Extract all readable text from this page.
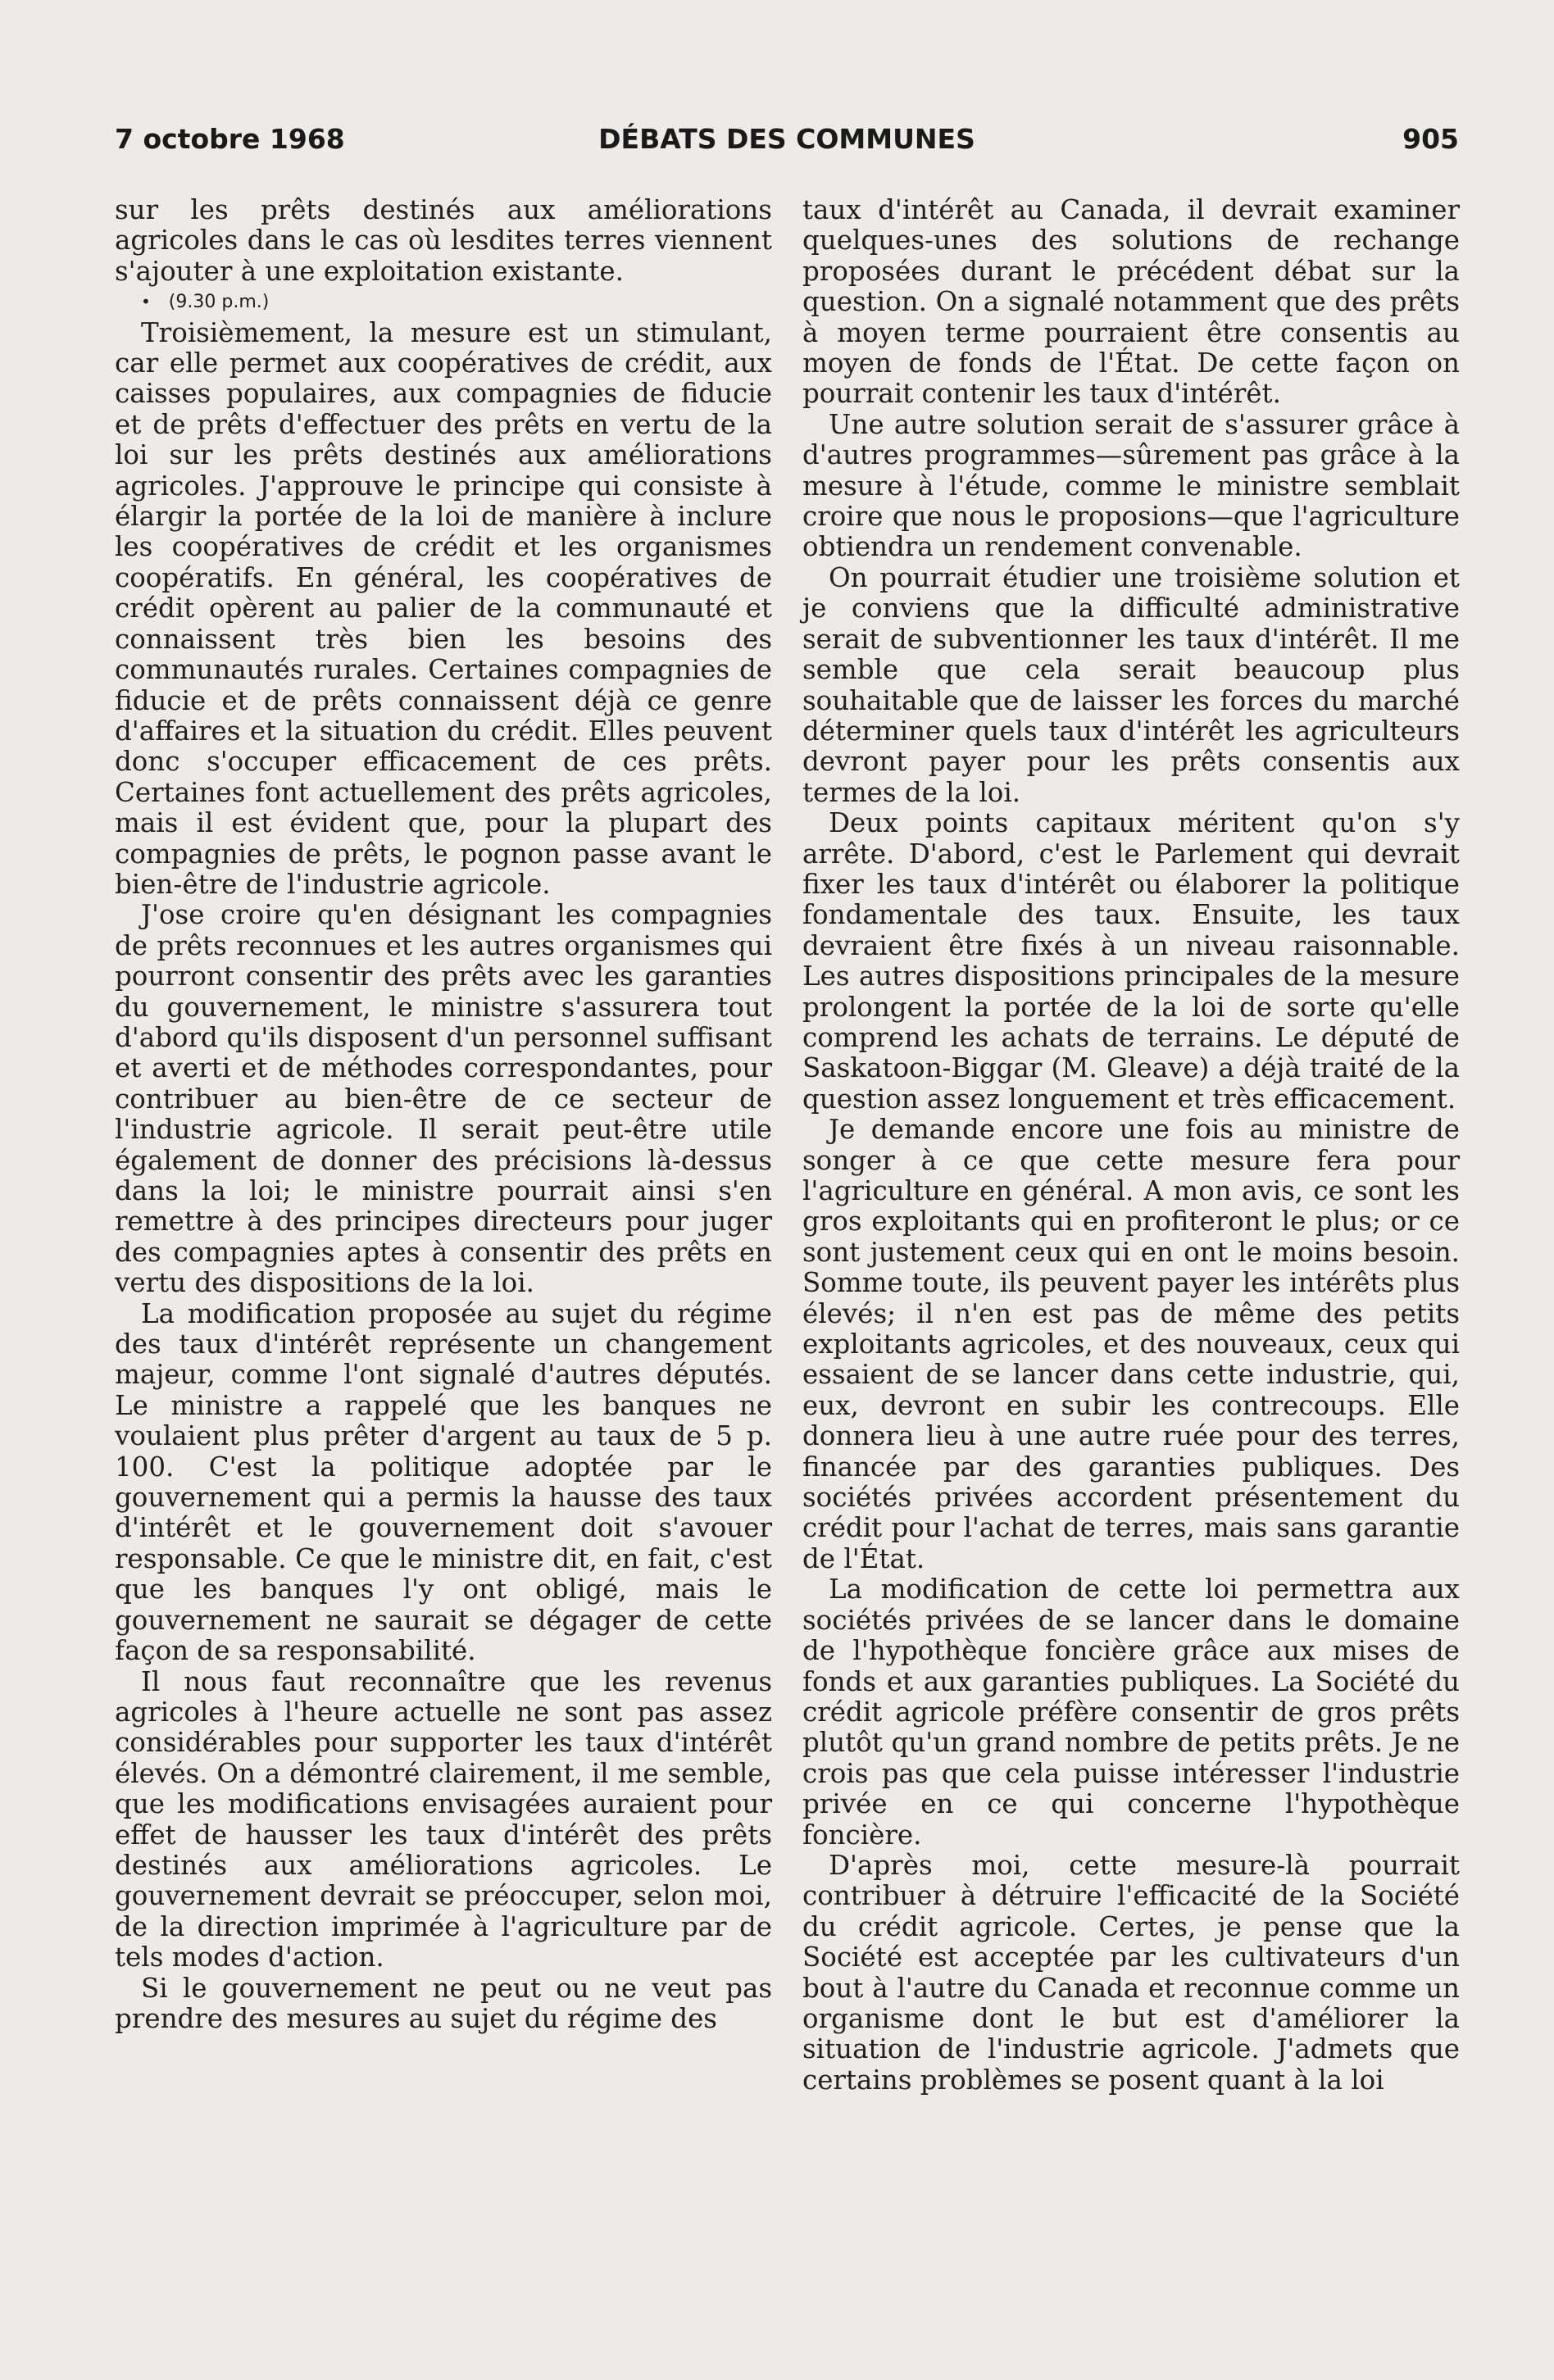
7 octobre 1968	DÉBATS DES COMMUNES	905

sur les prêts destinés aux améliorations agricoles dans le cas où lesdites terres viennent s'ajouter à une exploitation existante.

• (9.30 p.m.)

Troisièmement, la mesure est un stimulant, car elle permet aux coopératives de crédit, aux caisses populaires, aux compagnies de fiducie et de prêts d'effectuer des prêts en vertu de la loi sur les prêts destinés aux améliorations agricoles. J'approuve le principe qui consiste à élargir la portée de la loi de manière à inclure les coopératives de crédit et les organismes coopératifs. En général, les coopératives de crédit opèrent au palier de la communauté et connaissent très bien les besoins des communautés rurales. Certaines compagnies de fiducie et de prêts connaissent déjà ce genre d'affaires et la situation du crédit. Elles peuvent donc s'occuper efficacement de ces prêts. Certaines font actuellement des prêts agricoles, mais il est évident que, pour la plupart des compagnies de prêts, le pognon passe avant le bien-être de l'industrie agricole.

J'ose croire qu'en désignant les compagnies de prêts reconnues et les autres organismes qui pourront consentir des prêts avec les garanties du gouvernement, le ministre s'assurera tout d'abord qu'ils disposent d'un personnel suffisant et averti et de méthodes correspondantes, pour contribuer au bien-être de ce secteur de l'industrie agricole. Il serait peut-être utile également de donner des précisions là-dessus dans la loi; le ministre pourrait ainsi s'en remettre à des principes directeurs pour juger des compagnies aptes à consentir des prêts en vertu des dispositions de la loi.

La modification proposée au sujet du régime des taux d'intérêt représente un changement majeur, comme l'ont signalé d'autres députés. Le ministre a rappelé que les banques ne voulaient plus prêter d'argent au taux de 5 p. 100. C'est la politique adoptée par le gouvernement qui a permis la hausse des taux d'intérêt et le gouvernement doit s'avouer responsable. Ce que le ministre dit, en fait, c'est que les banques l'y ont obligé, mais le gouvernement ne saurait se dégager de cette façon de sa responsabilité.

Il nous faut reconnaître que les revenus agricoles à l'heure actuelle ne sont pas assez considérables pour supporter les taux d'intérêt élevés. On a démontré clairement, il me semble, que les modifications envisagées auraient pour effet de hausser les taux d'intérêt des prêts destinés aux améliorations agricoles. Le gouvernement devrait se préoccuper, selon moi, de la direction imprimée à l'agriculture par de tels modes d'action.

Si le gouvernement ne peut ou ne veut pas prendre des mesures au sujet du régime des

taux d'intérêt au Canada, il devrait examiner quelques-unes des solutions de rechange proposées durant le précédent débat sur la question. On a signalé notamment que des prêts à moyen terme pourraient être consentis au moyen de fonds de l'État. De cette façon on pourrait contenir les taux d'intérêt.

Une autre solution serait de s'assurer grâce à d'autres programmes—sûrement pas grâce à la mesure à l'étude, comme le ministre semblait croire que nous le proposions—que l'agriculture obtiendra un rendement convenable.

On pourrait étudier une troisième solution et je conviens que la difficulté administrative serait de subventionner les taux d'intérêt. Il me semble que cela serait beaucoup plus souhaitable que de laisser les forces du marché déterminer quels taux d'intérêt les agriculteurs devront payer pour les prêts consentis aux termes de la loi.

Deux points capitaux méritent qu'on s'y arrête. D'abord, c'est le Parlement qui devrait fixer les taux d'intérêt ou élaborer la politique fondamentale des taux. Ensuite, les taux devraient être fixés à un niveau raisonnable. Les autres dispositions principales de la mesure prolongent la portée de la loi de sorte qu'elle comprend les achats de terrains. Le député de Saskatoon-Biggar (M. Gleave) a déjà traité de la question assez longuement et très efficacement.

Je demande encore une fois au ministre de songer à ce que cette mesure fera pour l'agriculture en général. A mon avis, ce sont les gros exploitants qui en profiteront le plus; or ce sont justement ceux qui en ont le moins besoin. Somme toute, ils peuvent payer les intérêts plus élevés; il n'en est pas de même des petits exploitants agricoles, et des nouveaux, ceux qui essaient de se lancer dans cette industrie, qui, eux, devront en subir les contrecoups. Elle donnera lieu à une autre ruée pour des terres, financée par des garanties publiques. Des sociétés privées accordent présentement du crédit pour l'achat de terres, mais sans garantie de l'État.

La modification de cette loi permettra aux sociétés privées de se lancer dans le domaine de l'hypothèque foncière grâce aux mises de fonds et aux garanties publiques. La Société du crédit agricole préfère consentir de gros prêts plutôt qu'un grand nombre de petits prêts. Je ne crois pas que cela puisse intéresser l'industrie privée en ce qui concerne l'hypothèque foncière.

D'après moi, cette mesure-là pourrait contribuer à détruire l'efficacité de la Société du crédit agricole. Certes, je pense que la Société est acceptée par les cultivateurs d'un bout à l'autre du Canada et reconnue comme un organisme dont le but est d'améliorer la situation de l'industrie agricole. J'admets que certains problèmes se posent quant à la loi
